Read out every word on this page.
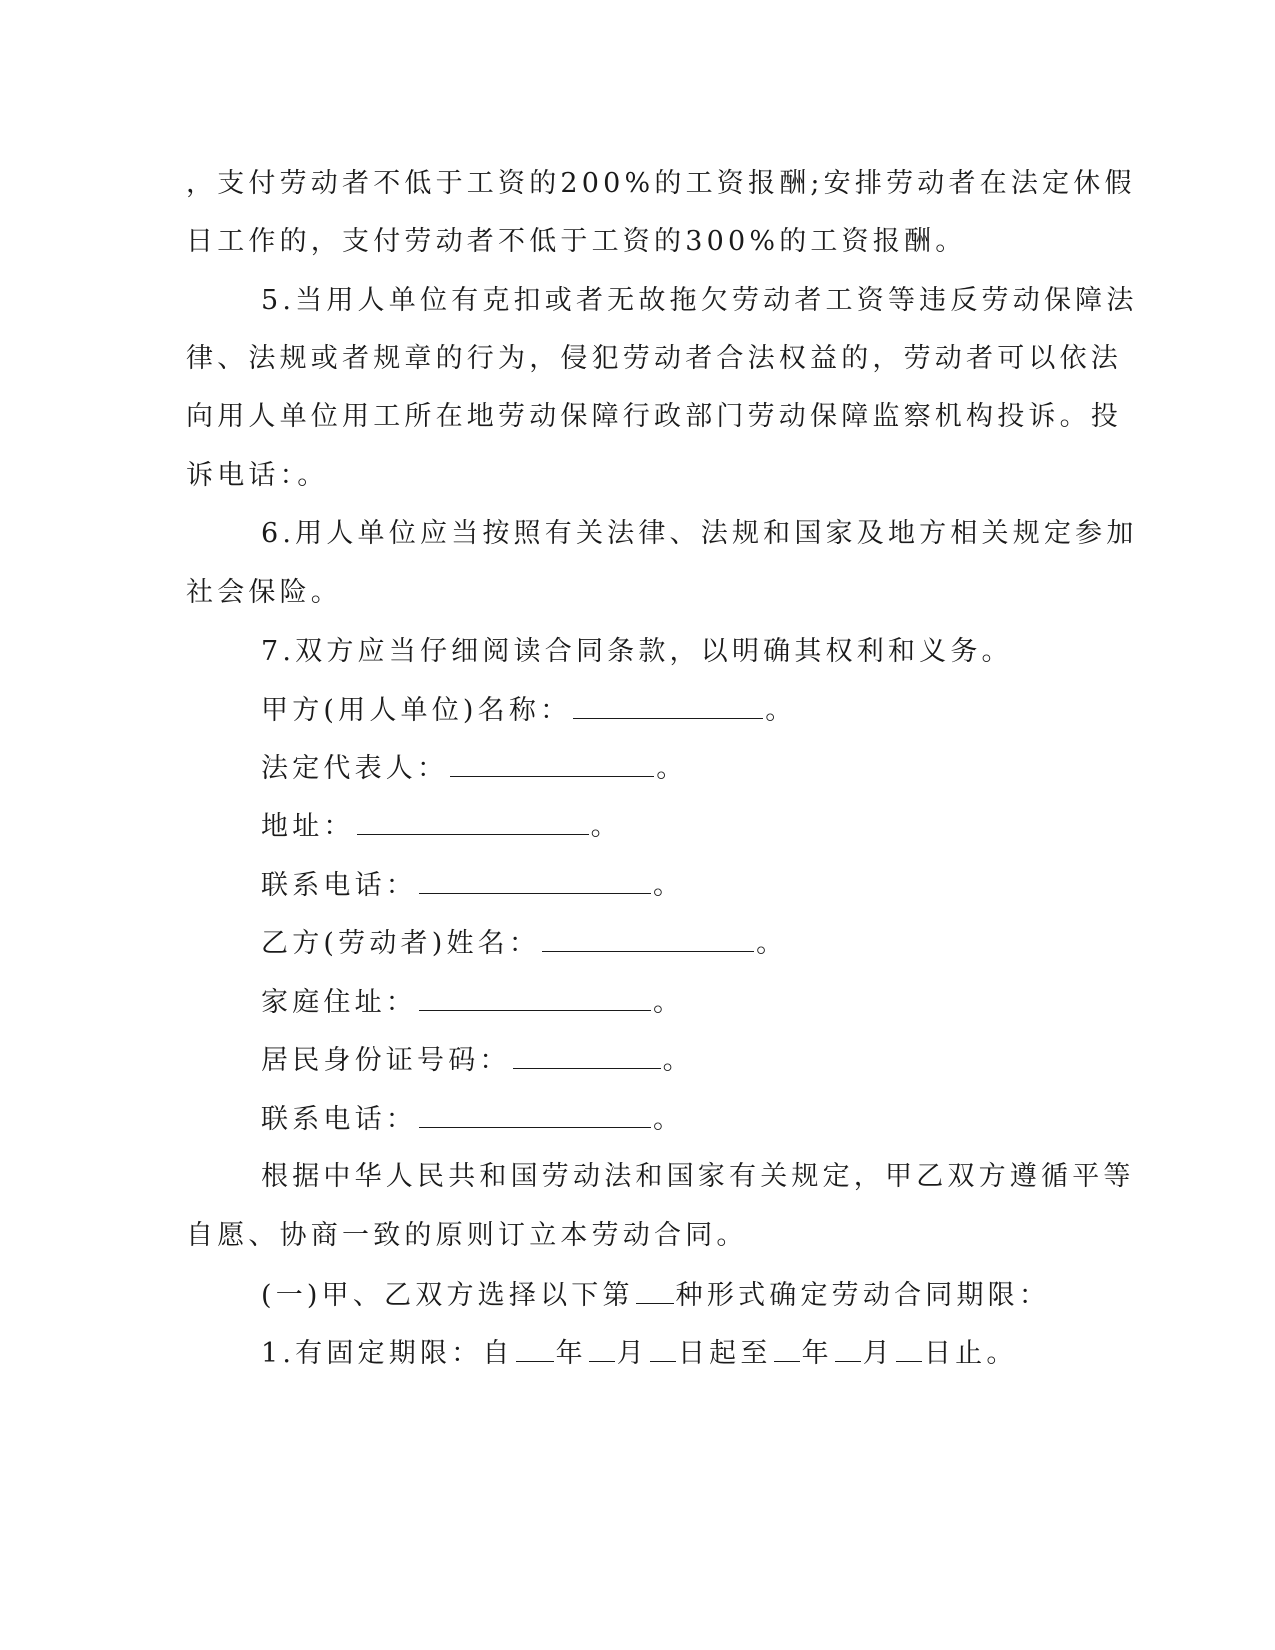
，支付劳动者不低于工资的200%的工资报酬;安排劳动者在法定休假
日工作的，支付劳动者不低于工资的300%的工资报酬。
5.当用人单位有克扣或者无故拖欠劳动者工资等违反劳动保障法
律、法规或者规章的行为，侵犯劳动者合法权益的，劳动者可以依法
向用人单位用工所在地劳动保障行政部门劳动保障监察机构投诉。投
诉电话：。
6.用人单位应当按照有关法律、法规和国家及地方相关规定参加
社会保险。
7.双方应当仔细阅读合同条款，以明确其权利和义务。
甲方(用人单位)名称：	。
法定代表人：	。
地址：	。
联系电话：	。
乙方(劳动者)姓名：	。
家庭住址：	。
居民身份证号码：	。
联系电话：	。
根据中华人民共和国劳动法和国家有关规定，甲乙双方遵循平等
自愿、协商一致的原则订立本劳动合同。
(一)甲、乙双方选择以下第 种形式确定劳动合同期限：
1.有固定期限：自 年 月 日起至 年 月 日止。
